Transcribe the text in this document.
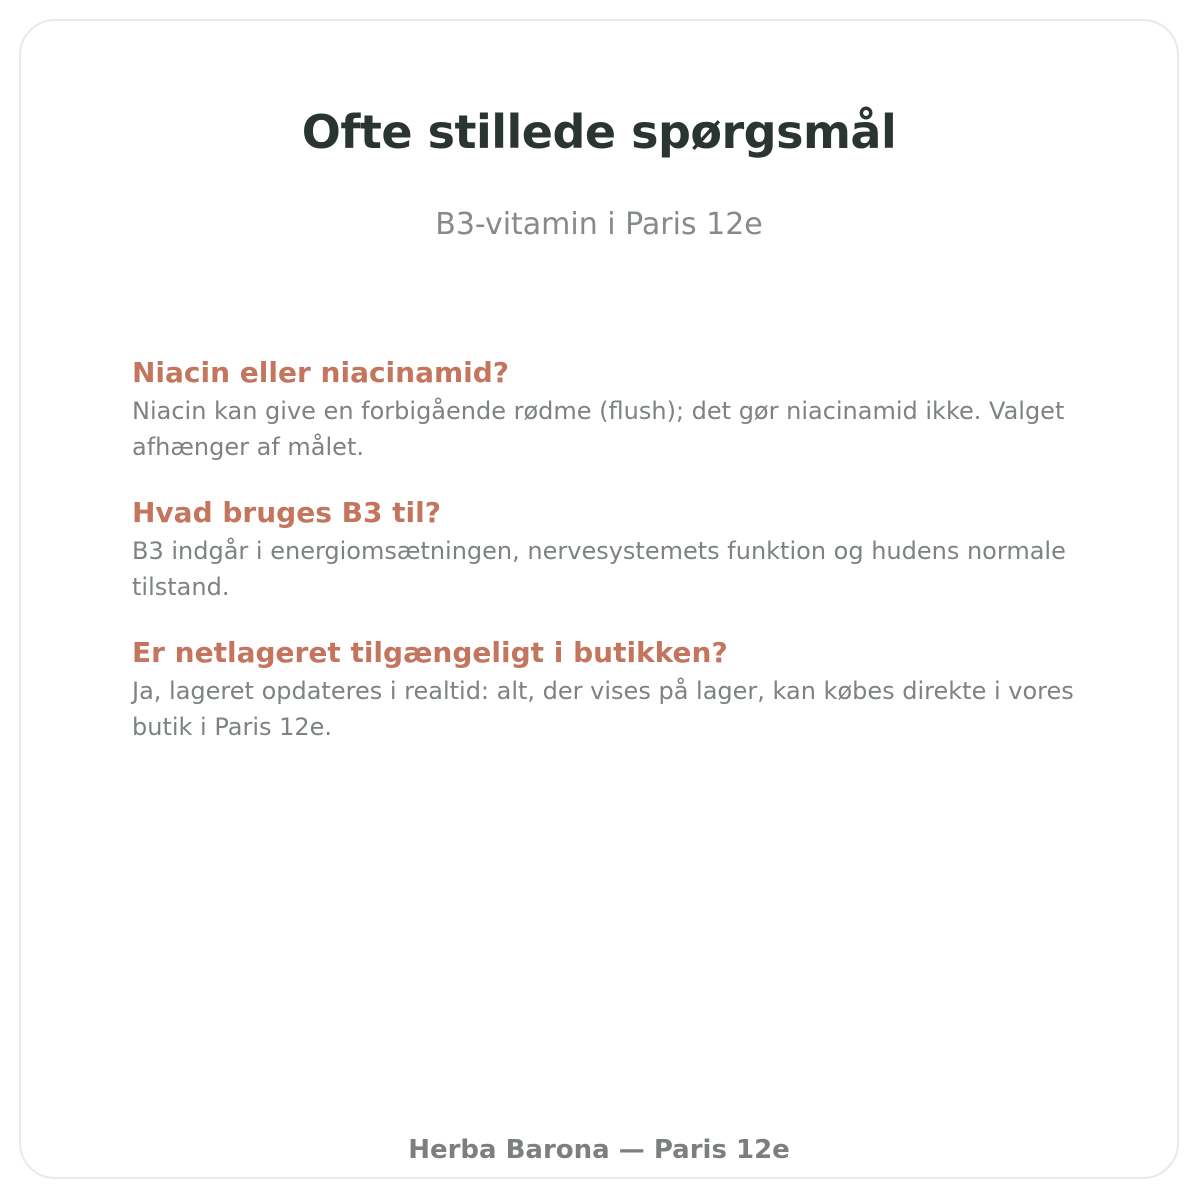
Ofte stillede spørgsmål
B3-vitamin i Paris 12e

Niacin eller niacinamid?

Niacin kan give en forbigående rødme (flush); det gør niacinamid ikke. Valget afhænger af målet.

Hvad bruges B3 til?

B3 indgår i energiomsætningen, nervesystemets funktion og hudens normale tilstand.

Er netlageret tilgængeligt i butikken?

Ja, lageret opdateres i realtid: alt, der vises på lager, kan købes direkte i vores butik i Paris 12e.

Herba Barona — Paris 12e
